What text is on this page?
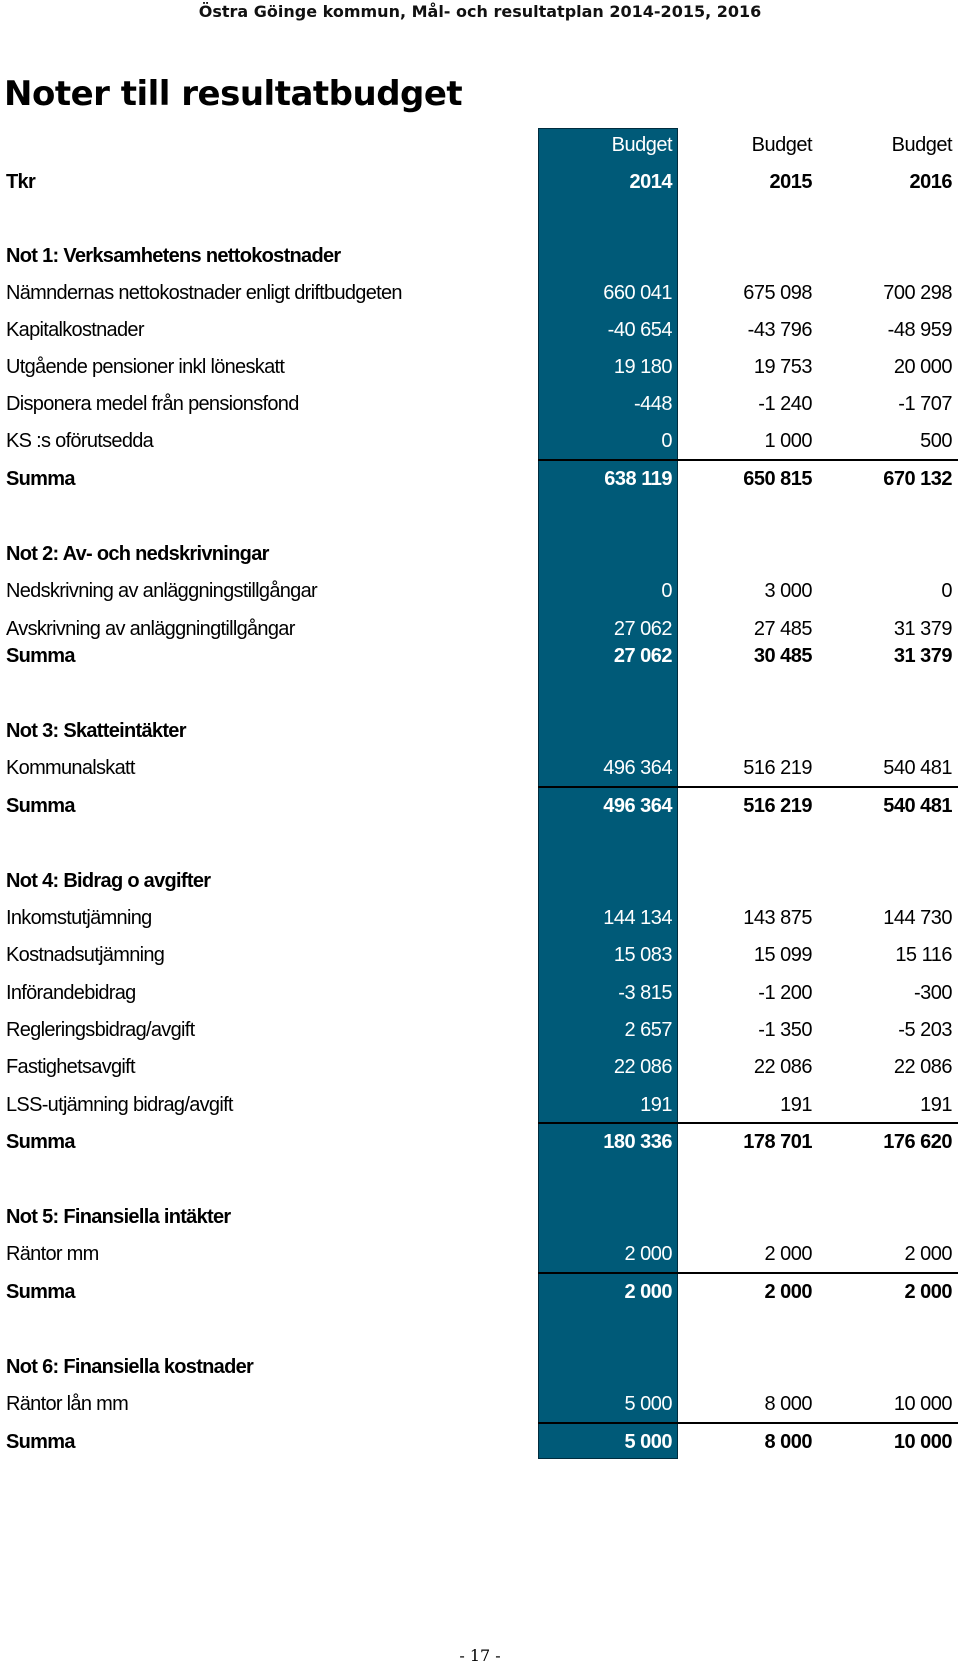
Östra Göinge kommun, Mål- och resultatplan 2014-2015, 2016
Noter till resultatbudget
Budget	Budget	Budget
Tkr	2014	2015	2016
Not 1: Verksamhetens nettokostnader
Nämndernas nettokostnader enligt driftbudgeten	660 041	675 098	700 298
Kapitalkostnader	-40 654	-43 796	-48 959
Utgående pensioner inkl löneskatt	19 180	19 753	20 000
Disponera medel från pensionsfond	-448	-1 240	-1 707
KS :s oförutsedda	0	1 000	500
Summa	638 119	650 815	670 132
Not 2: Av- och nedskrivningar
Nedskrivning av anläggningstillgångar	0	3 000	0
Avskrivning av anläggningtillgångar	27 062	27 485	31 379
Summa	27 062	30 485	31 379
Not 3: Skatteintäkter
Kommunalskatt	496 364	516 219	540 481
Summa	496 364	516 219	540 481
Not 4: Bidrag o avgifter
Inkomstutjämning	144 134	143 875	144 730
Kostnadsutjämning	15 083	15 099	15 116
Införandebidrag	-3 815	-1 200	-300
Regleringsbidrag/avgift	2 657	-1 350	-5 203
Fastighetsavgift	22 086	22 086	22 086
LSS-utjämning bidrag/avgift	191	191	191
Summa	180 336	178 701	176 620
Not 5: Finansiella intäkter
Räntor mm	2 000	2 000	2 000
Summa	2 000	2 000	2 000
Not 6: Finansiella kostnader
Räntor lån mm	5 000	8 000	10 000
Summa	5 000	8 000	10 000
- 17 -
